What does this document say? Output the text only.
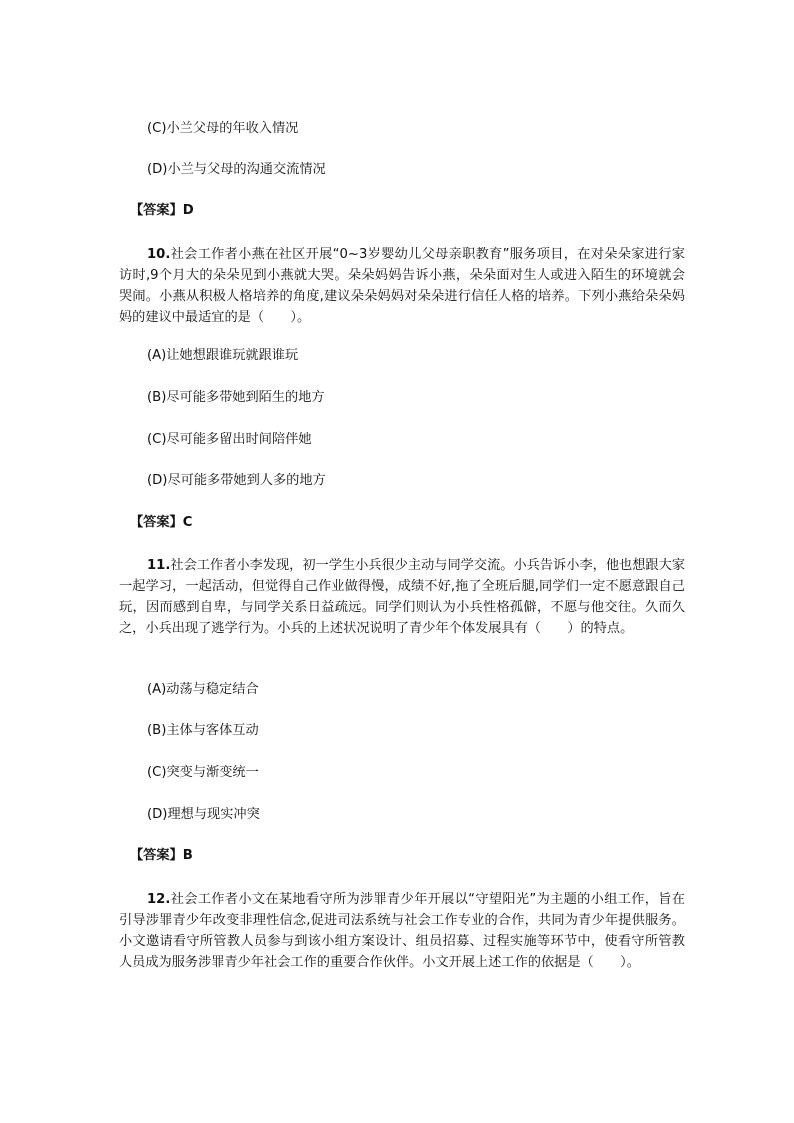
(C)小兰父母的年收入情况
(D)小兰与父母的沟通交流情况
【答案】D
10.社会工作者小燕在社区开展“0~3岁婴幼儿父母亲职教育”服务项目，在对朵朵家进行家访时,9个月大的朵朵见到小燕就大哭。朵朵妈妈告诉小燕，朵朵面对生人或进入陌生的环境就会哭闹。小燕从积极人格培养的角度,建议朵朵妈妈对朵朵进行信任人格的培养。下列小燕给朵朵妈妈的建议中最适宜的是（　　）。
(A)让她想跟谁玩就跟谁玩
(B)尽可能多带她到陌生的地方
(C)尽可能多留出时间陪伴她
(D)尽可能多带她到人多的地方
【答案】C
11.社会工作者小李发现，初一学生小兵很少主动与同学交流。小兵告诉小李，他也想跟大家一起学习，一起活动，但觉得自己作业做得慢，成绩不好,拖了全班后腿,同学们一定不愿意跟自己玩，因而感到自卑，与同学关系日益疏远。同学们则认为小兵性格孤僻，不愿与他交往。久而久之，小兵出现了逃学行为。小兵的上述状况说明了青少年个体发展具有（　　）的特点。
(A)动荡与稳定结合
(B)主体与客体互动
(C)突变与渐变统一
(D)理想与现实冲突
【答案】B
12.社会工作者小文在某地看守所为涉罪青少年开展以“守望阳光”为主题的小组工作，旨在引导涉罪青少年改变非理性信念,促进司法系统与社会工作专业的合作，共同为青少年提供服务。小文邀请看守所管教人员参与到该小组方案设计、组员招募、过程实施等环节中，使看守所管教人员成为服务涉罪青少年社会工作的重要合作伙伴。小文开展上述工作的依据是（　　）。
